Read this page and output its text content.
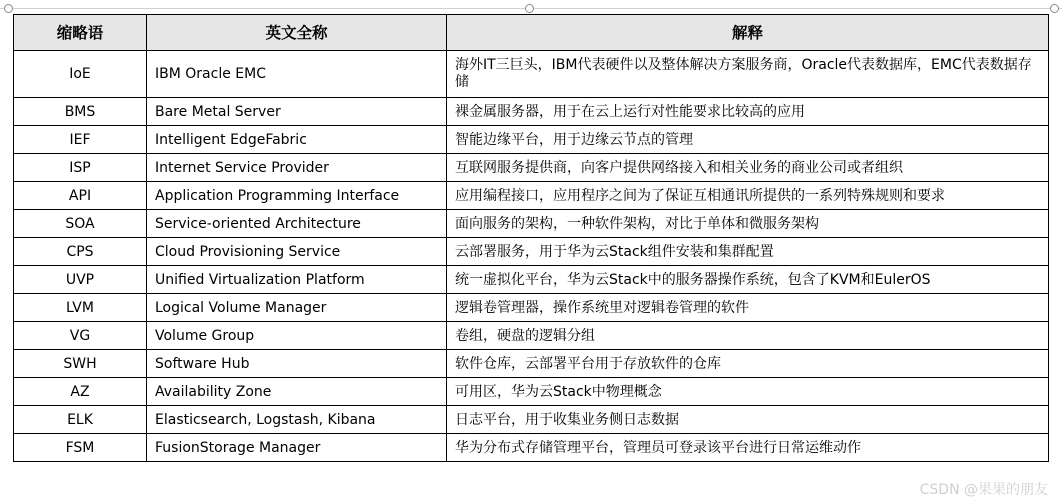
缩略语	英文全称	解释
IoE	IBM Oracle EMC	海外IT三巨头，IBM代表硬件以及整体解决方案服务商，Oracle代表数据库，EMC代表数据存储
BMS	Bare Metal Server	裸金属服务器，用于在云上运行对性能要求比较高的应用
IEF	Intelligent EdgeFabric	智能边缘平台，用于边缘云节点的管理
ISP	Internet Service Provider	互联网服务提供商，向客户提供网络接入和相关业务的商业公司或者组织
API	Application Programming Interface	应用编程接口，应用程序之间为了保证互相通讯所提供的一系列特殊规则和要求
SOA	Service-oriented Architecture	面向服务的架构，一种软件架构，对比于单体和微服务架构
CPS	Cloud Provisioning Service	云部署服务，用于华为云Stack组件安装和集群配置
UVP	Unified Virtualization Platform	统一虚拟化平台，华为云Stack中的服务器操作系统，包含了KVM和EulerOS
LVM	Logical Volume Manager	逻辑卷管理器，操作系统里对逻辑卷管理的软件
VG	Volume Group	卷组，硬盘的逻辑分组
SWH	Software Hub	软件仓库，云部署平台用于存放软件的仓库
AZ	Availability Zone	可用区，华为云Stack中物理概念
ELK	Elasticsearch, Logstash, Kibana	日志平台，用于收集业务侧日志数据
FSM	FusionStorage Manager	华为分布式存储管理平台，管理员可登录该平台进行日常运维动作
CSDN @果果的朋友
